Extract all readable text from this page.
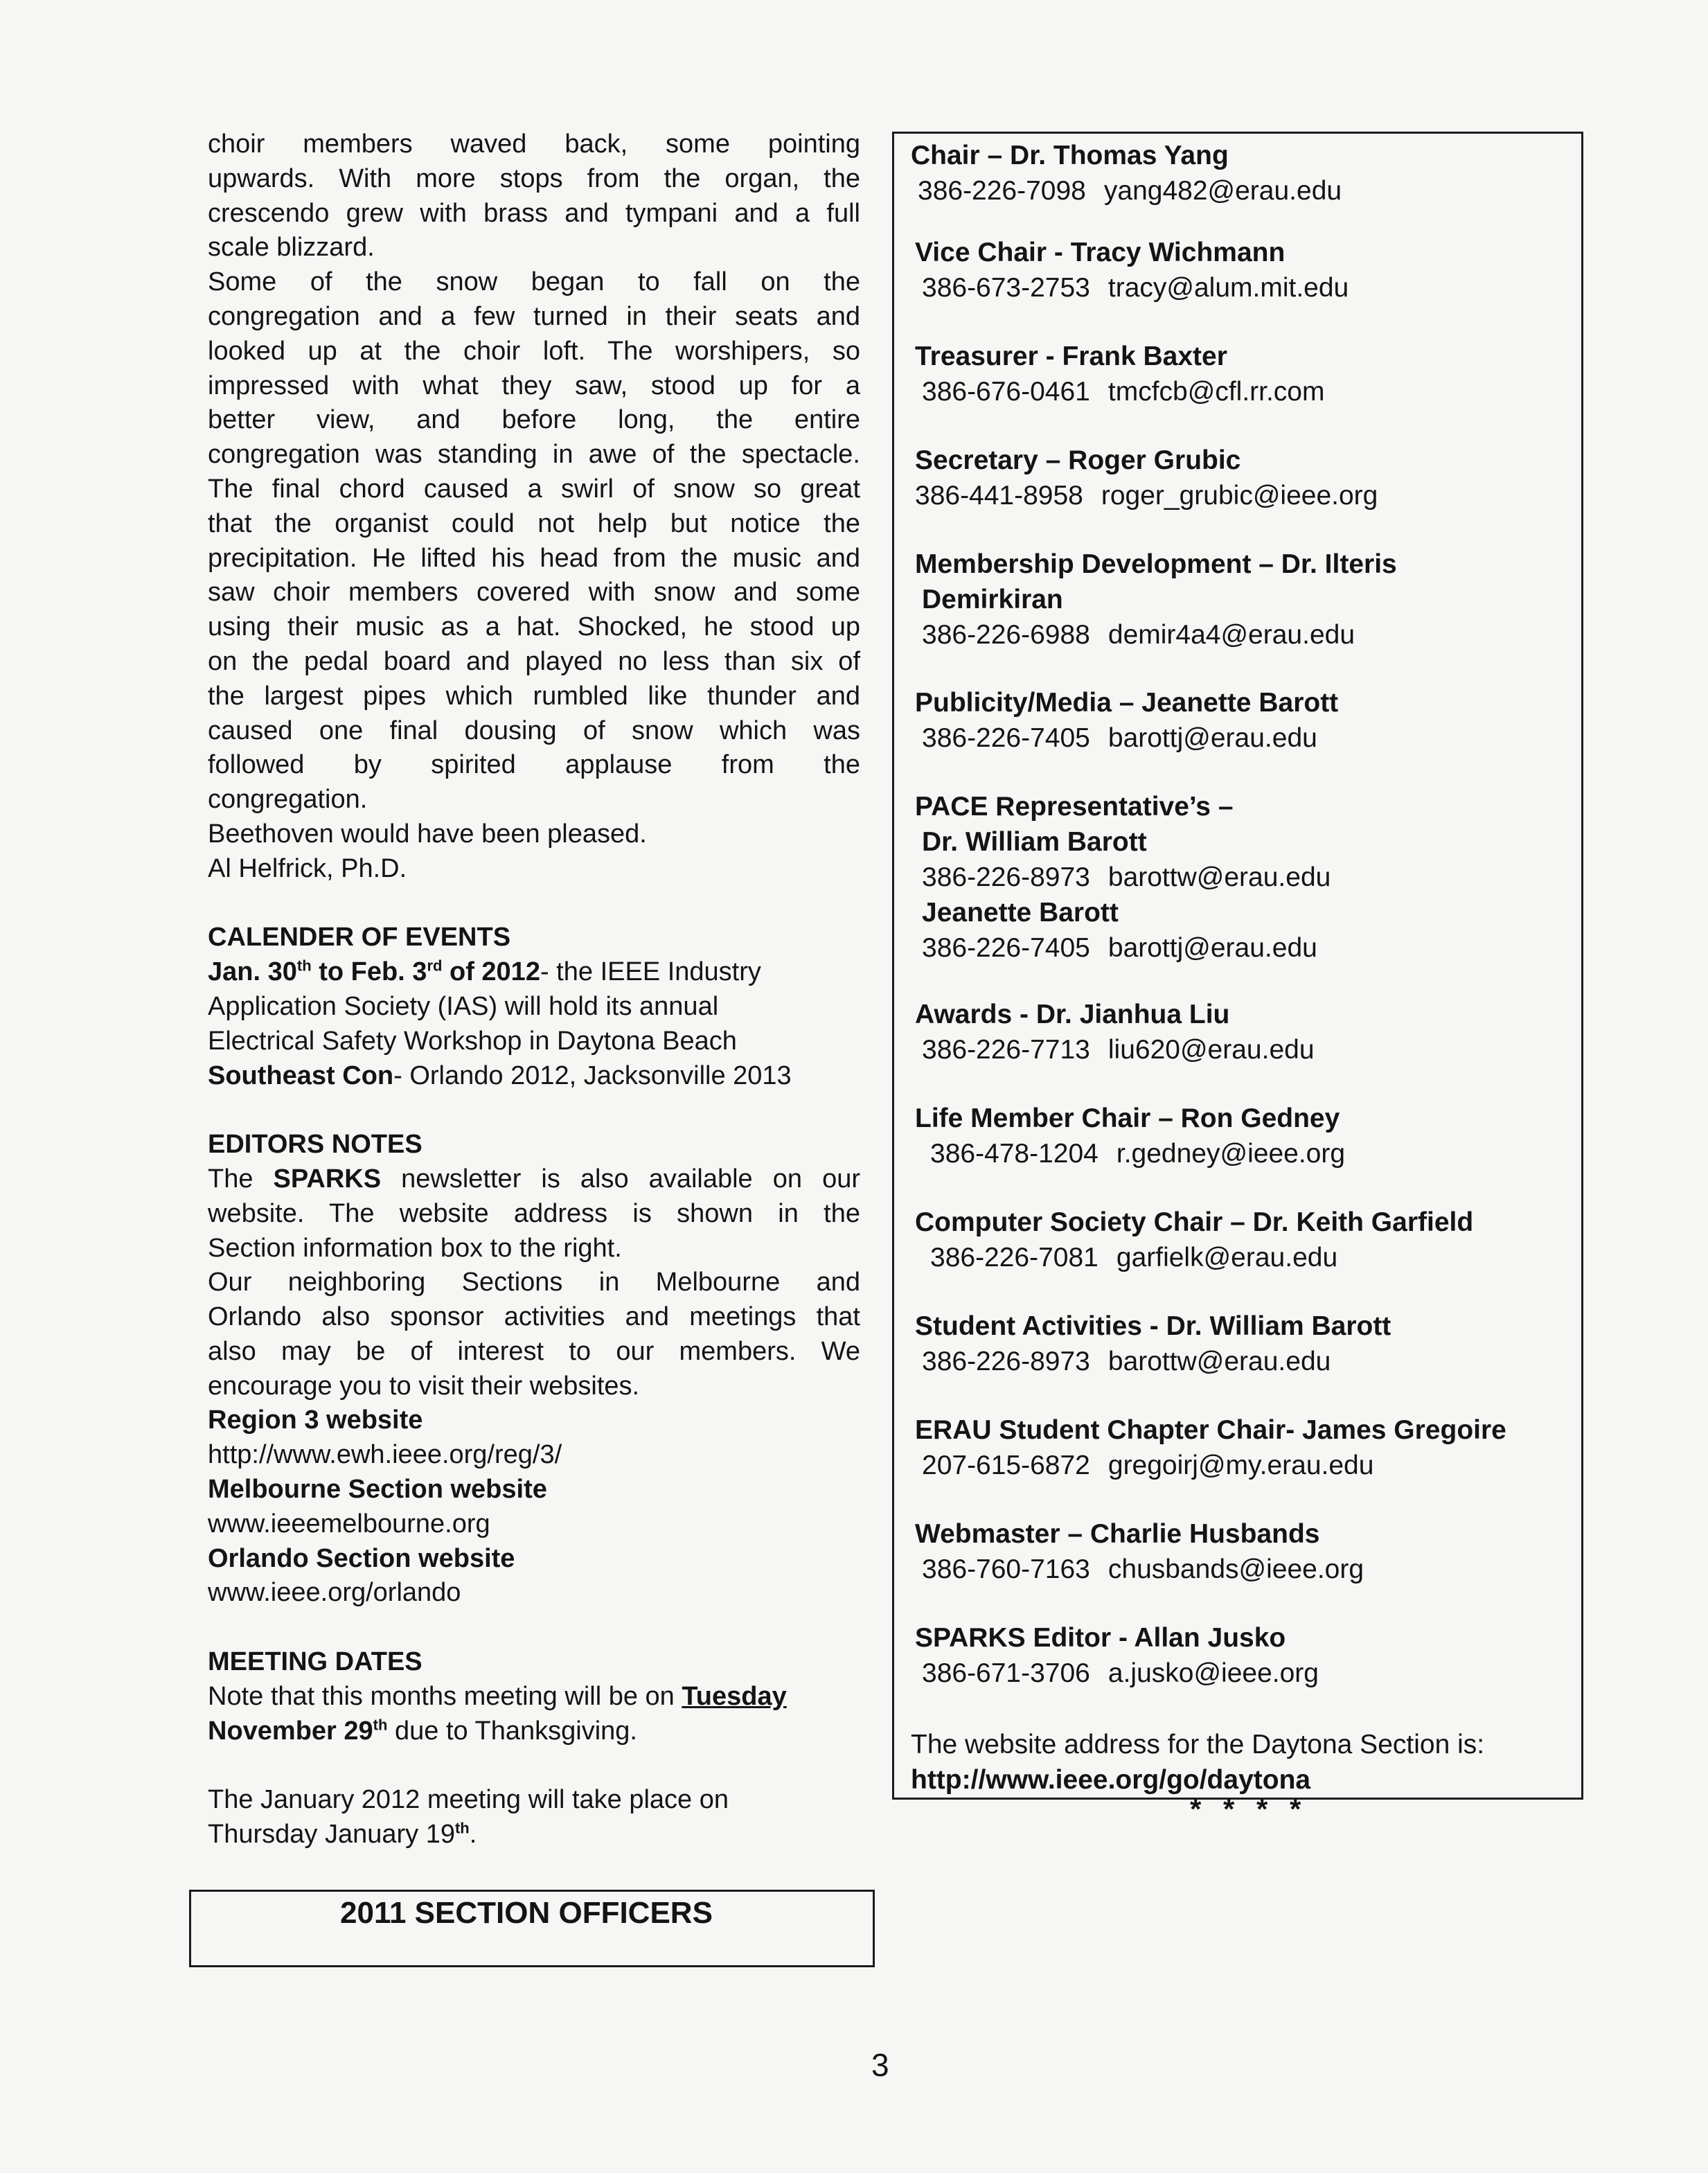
choir members waved back, some pointing

upwards. With more stops from the organ, the

crescendo grew with brass and tympani and a full

scale blizzard.

Some of the snow began to fall on the

congregation and a few turned in their seats and

looked up at the choir loft. The worshipers, so

impressed with what they saw, stood up for a

better view, and before long, the entire

congregation was standing in awe of the spectacle.

The final chord caused a swirl of snow so great

that the organist could not help but notice the

precipitation. He lifted his head from the music and

saw choir members covered with snow and some

using their music as a hat. Shocked, he stood up

on the pedal board and played no less than six of

the largest pipes which rumbled like thunder and

caused one final dousing of snow which was

followed by spirited applause from the

congregation.

Beethoven would have been pleased.

Al Helfrick, Ph.D.

CALENDER OF EVENTS

Jan. 30th to Feb. 3rd of 2012- the IEEE Industry

Application Society (IAS) will hold its annual

Electrical Safety Workshop in Daytona Beach

Southeast Con- Orlando 2012, Jacksonville 2013

EDITORS NOTES

The SPARKS newsletter is also available on our

website. The website address is shown in the

Section information box to the right.

Our neighboring Sections in Melbourne and

Orlando also sponsor activities and meetings that

also may be of interest to our members. We

encourage you to visit their websites.

Region 3 website

http://www.ewh.ieee.org/reg/3/

Melbourne Section website

www.ieeemelbourne.org

Orlando Section website

www.ieee.org/orlando

MEETING DATES

Note that this months meeting will be on Tuesday

November 29th due to Thanksgiving.

The January 2012 meeting will take place on

Thursday January 19th.

2011 SECTION OFFICERS
Chair – Dr. Thomas Yang
386-226-7098 yang482@erau.edu
Vice Chair - Tracy Wichmann
386-673-2753 tracy@alum.mit.edu
Treasurer - Frank Baxter
386-676-0461 tmcfcb@cfl.rr.com
Secretary – Roger Grubic
386-441-8958 roger_grubic@ieee.org
Membership Development – Dr. Ilteris
Demirkiran
386-226-6988 demir4a4@erau.edu
Publicity/Media – Jeanette Barott
386-226-7405 barottj@erau.edu
PACE Representative’s –
Dr. William Barott
386-226-8973 barottw@erau.edu
Jeanette Barott
386-226-7405 barottj@erau.edu
Awards - Dr. Jianhua Liu
386-226-7713 liu620@erau.edu
Life Member Chair – Ron Gedney
386-478-1204 r.gedney@ieee.org
Computer Society Chair – Dr. Keith Garfield
386-226-7081 garfielk@erau.edu
Student Activities - Dr. William Barott
386-226-8973 barottw@erau.edu
ERAU Student Chapter Chair- James Gregoire
207-615-6872 gregoirj@my.erau.edu
Webmaster – Charlie Husbands
386-760-7163 chusbands@ieee.org
SPARKS Editor - Allan Jusko
386-671-3706 a.jusko@ieee.org
The website address for the Daytona Section is:
http://www.ieee.org/go/daytona
* * * *
3
